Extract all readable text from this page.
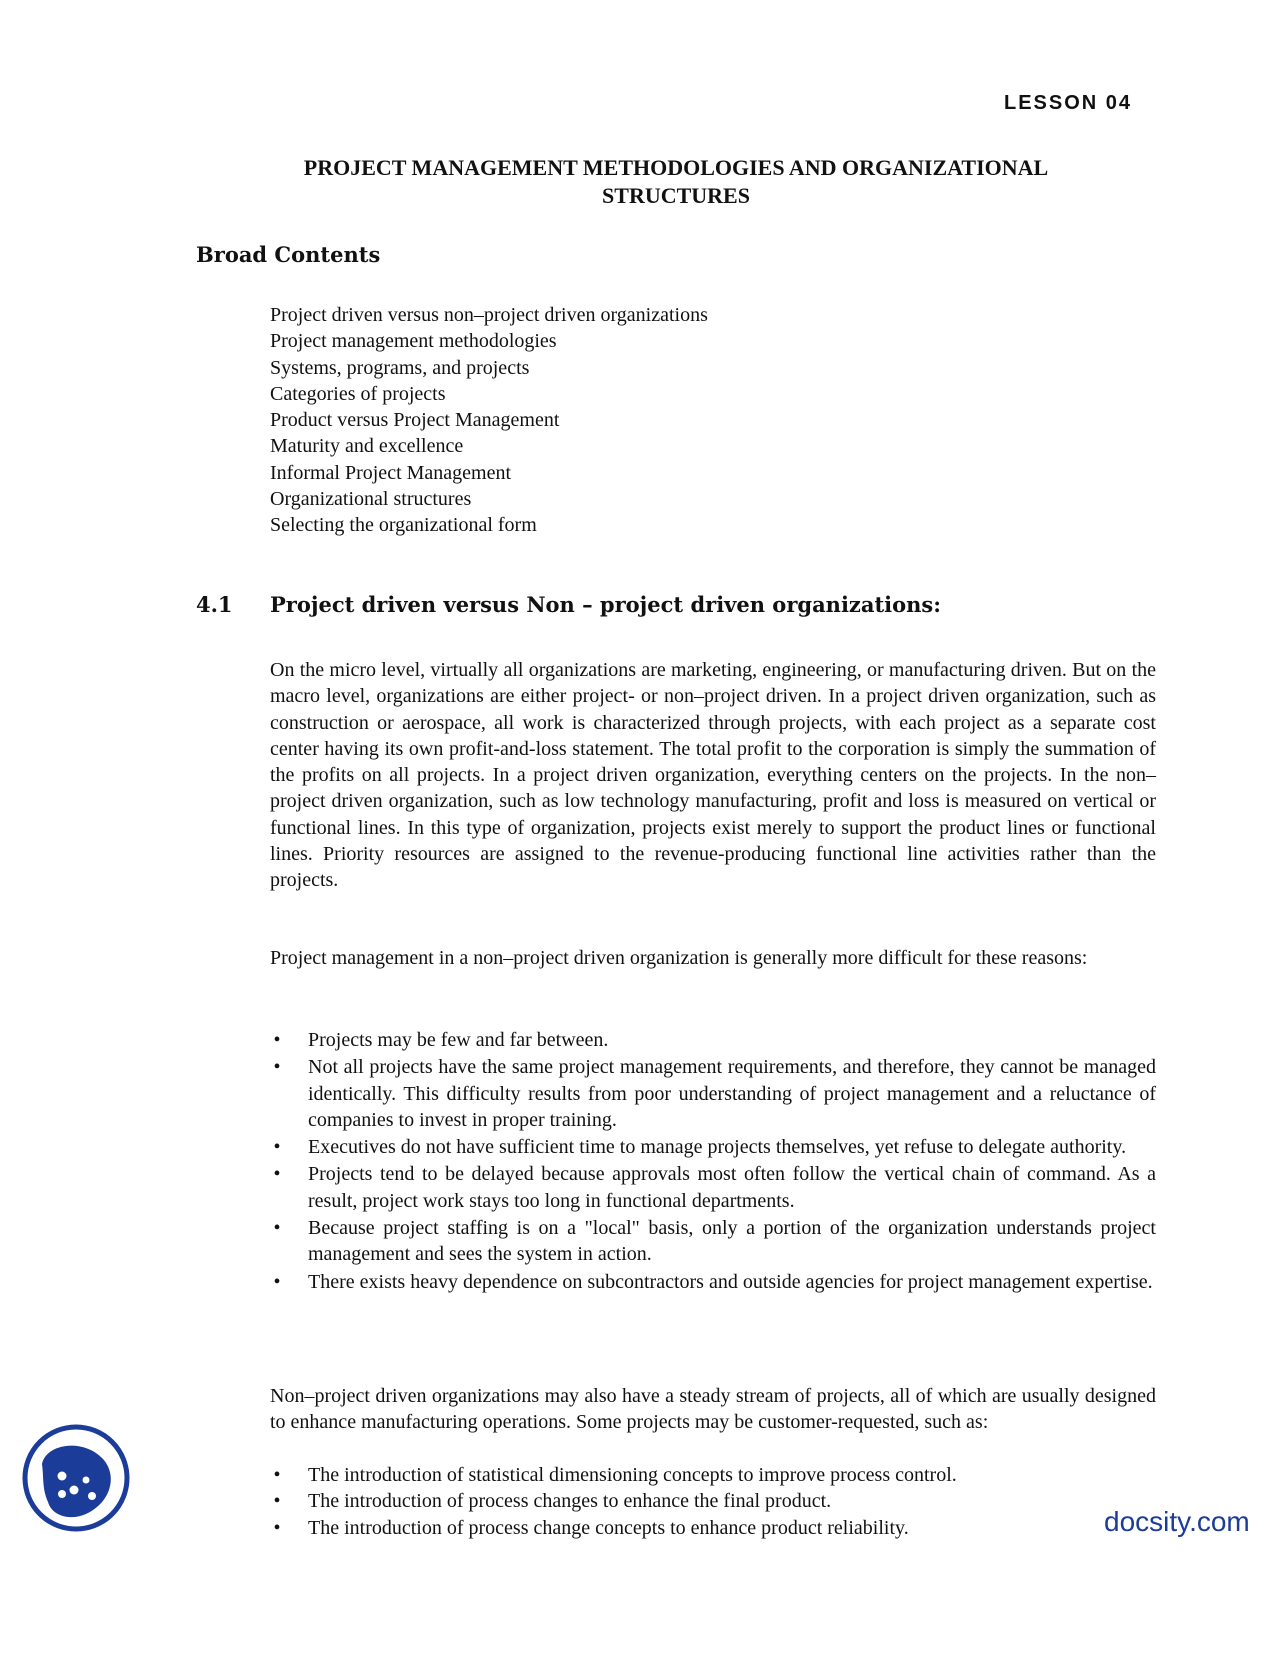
LESSON 04
PROJECT MANAGEMENT METHODOLOGIES AND ORGANIZATIONAL
STRUCTURES
Broad Contents
Project driven versus non–project driven organizations
Project management methodologies
Systems, programs, and projects
Categories of projects
Product versus Project Management
Maturity and excellence
Informal Project Management
Organizational structures
Selecting the organizational form
4.1 Project driven versus Non – project driven organizations:

On the micro level, virtually all organizations are marketing, engineering, or manufacturing driven. But on the macro level, organizations are either project- or non–project driven. In a project driven organization, such as construction or aerospace, all work is characterized through projects, with each project as a separate cost center having its own profit-and-loss statement. The total profit to the corporation is simply the summation of the profits on all projects. In a project driven organization, everything centers on the projects. In the non–project driven organization, such as low technology manufacturing, profit and loss is measured on vertical or functional lines. In this type of organization, projects exist merely to support the product lines or functional lines. Priority resources are assigned to the revenue-producing functional line activities rather than the projects.

Project management in a non–project driven organization is generally more difficult for these reasons:

• Projects may be few and far between.
• Not all projects have the same project management requirements, and therefore, they cannot be managed identically. This difficulty results from poor understanding of project management and a reluctance of companies to invest in proper training.
• Executives do not have sufficient time to manage projects themselves, yet refuse to delegate authority.
• Projects tend to be delayed because approvals most often follow the vertical chain of command. As a result, project work stays too long in functional departments.
• Because project staffing is on a "local" basis, only a portion of the organization understands project management and sees the system in action.
• There exists heavy dependence on subcontractors and outside agencies for project management expertise.

Non–project driven organizations may also have a steady stream of projects, all of which are usually designed to enhance manufacturing operations. Some projects may be customer-requested, such as:

• The introduction of statistical dimensioning concepts to improve process control.
• The introduction of process changes to enhance the final product.
• The introduction of process change concepts to enhance product reliability.	docsity.com
